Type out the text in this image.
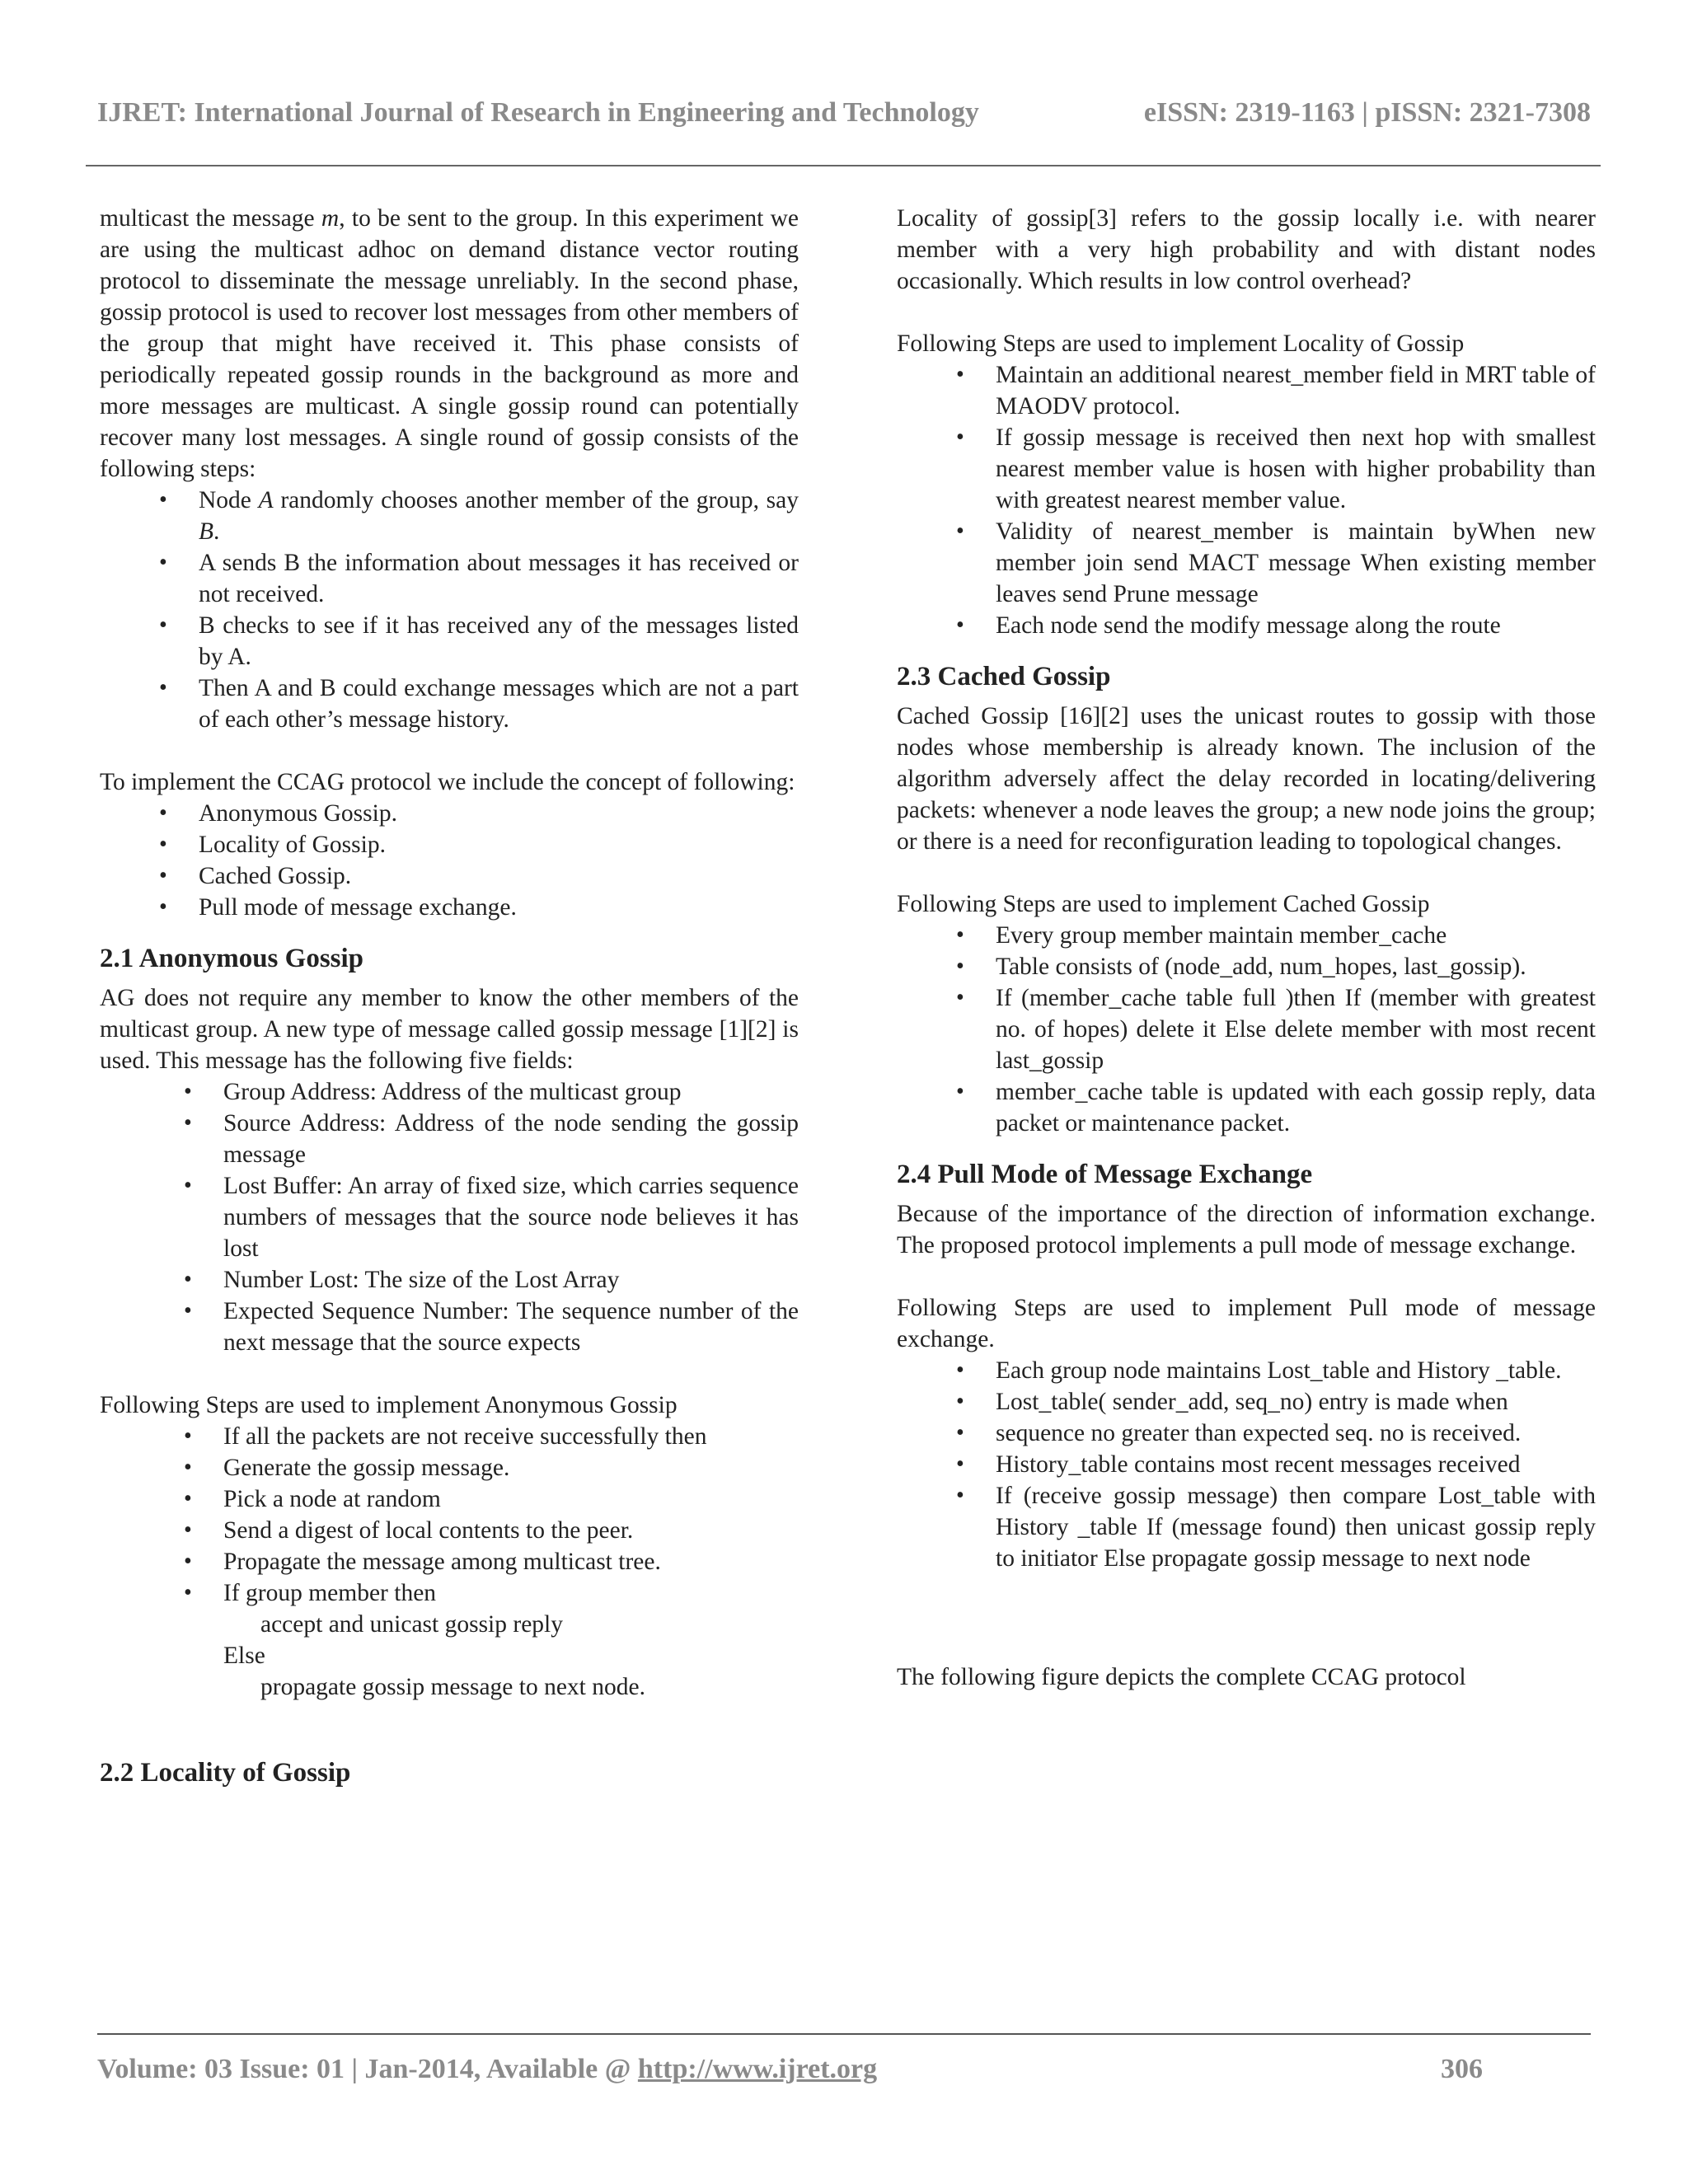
IJRET: International Journal of Research in Engineering and Technology	eISSN: 2319-1163 | pISSN: 2321-7308

multicast the message m, to be sent to the group. In this experiment we are using the multicast adhoc on demand distance vector routing protocol to disseminate the message unreliably. In the second phase, gossip protocol is used to recover lost messages from other members of the group that might have received it. This phase consists of periodically repeated gossip rounds in the background as more and more messages are multicast. A single gossip round can potentially recover many lost messages. A single round of gossip consists of the following steps:

• Node A randomly chooses another member of the group, say B.
• A sends B the information about messages it has received or not received.
• B checks to see if it has received any of the messages listed by A.
• Then A and B could exchange messages which are not a part of each other’s message history.

To implement the CCAG protocol we include the concept of following:

• Anonymous Gossip.
• Locality of Gossip.
• Cached Gossip.
• Pull mode of message exchange.
2.1 Anonymous Gossip

AG does not require any member to know the other members of the multicast group. A new type of message called gossip message [1][2] is used. This message has the following five fields:

• Group Address: Address of the multicast group
• Source Address: Address of the node sending the gossip message
• Lost Buffer: An array of fixed size, which carries sequence numbers of messages that the source node believes it has lost
• Number Lost: The size of the Lost Array
• Expected Sequence Number: The sequence number of the next message that the source expects

Following Steps are used to implement Anonymous Gossip

• If all the packets are not receive successfully then
• Generate the gossip message.
• Pick a node at random
• Send a digest of local contents to the peer.
• Propagate the message among multicast tree.
• If group member then

accept and unicast gossip reply

Else

propagate gossip message to next node.

2.2 Locality of Gossip

Locality of gossip[3] refers to the gossip locally i.e. with nearer member with a very high probability and with distant nodes occasionally. Which results in low control overhead?

Following Steps are used to implement Locality of Gossip

• Maintain an additional nearest_member field in MRT table of MAODV protocol.
• If gossip message is received then next hop with smallest nearest member value is hosen with higher probability than with greatest nearest member value.
• Validity of nearest_member is maintain byWhen new member join send MACT message When existing member leaves send Prune message
• Each node send the modify message along the route
2.3 Cached Gossip

Cached Gossip [16][2] uses the unicast routes to gossip with those nodes whose membership is already known. The inclusion of the algorithm adversely affect the delay recorded in locating/delivering packets: whenever a node leaves the group; a new node joins the group; or there is a need for reconfiguration leading to topological changes.

Following Steps are used to implement Cached Gossip

• Every group member maintain member_cache
• Table consists of (node_add, num_hopes, last_gossip).
• If (member_cache table full )then If (member with greatest no. of hopes) delete it Else delete member with most recent last_gossip
• member_cache table is updated with each gossip reply, data packet or maintenance packet.
2.4 Pull Mode of Message Exchange

Because of the importance of the direction of information exchange. The proposed protocol implements a pull mode of message exchange.

Following Steps are used to implement Pull mode of message exchange.

• Each group node maintains Lost_table and History _table.
• Lost_table( sender_add, seq_no) entry is made when
• sequence no greater than expected seq. no is received.
• History_table contains most recent messages received
• If (receive gossip message) then compare Lost_table with History _table If (message found) then unicast gossip reply to initiator Else propagate gossip message to next node

The following figure depicts the complete CCAG protocol

Volume: 03 Issue: 01 | Jan-2014, Available @ http://www.ijret.org	306
